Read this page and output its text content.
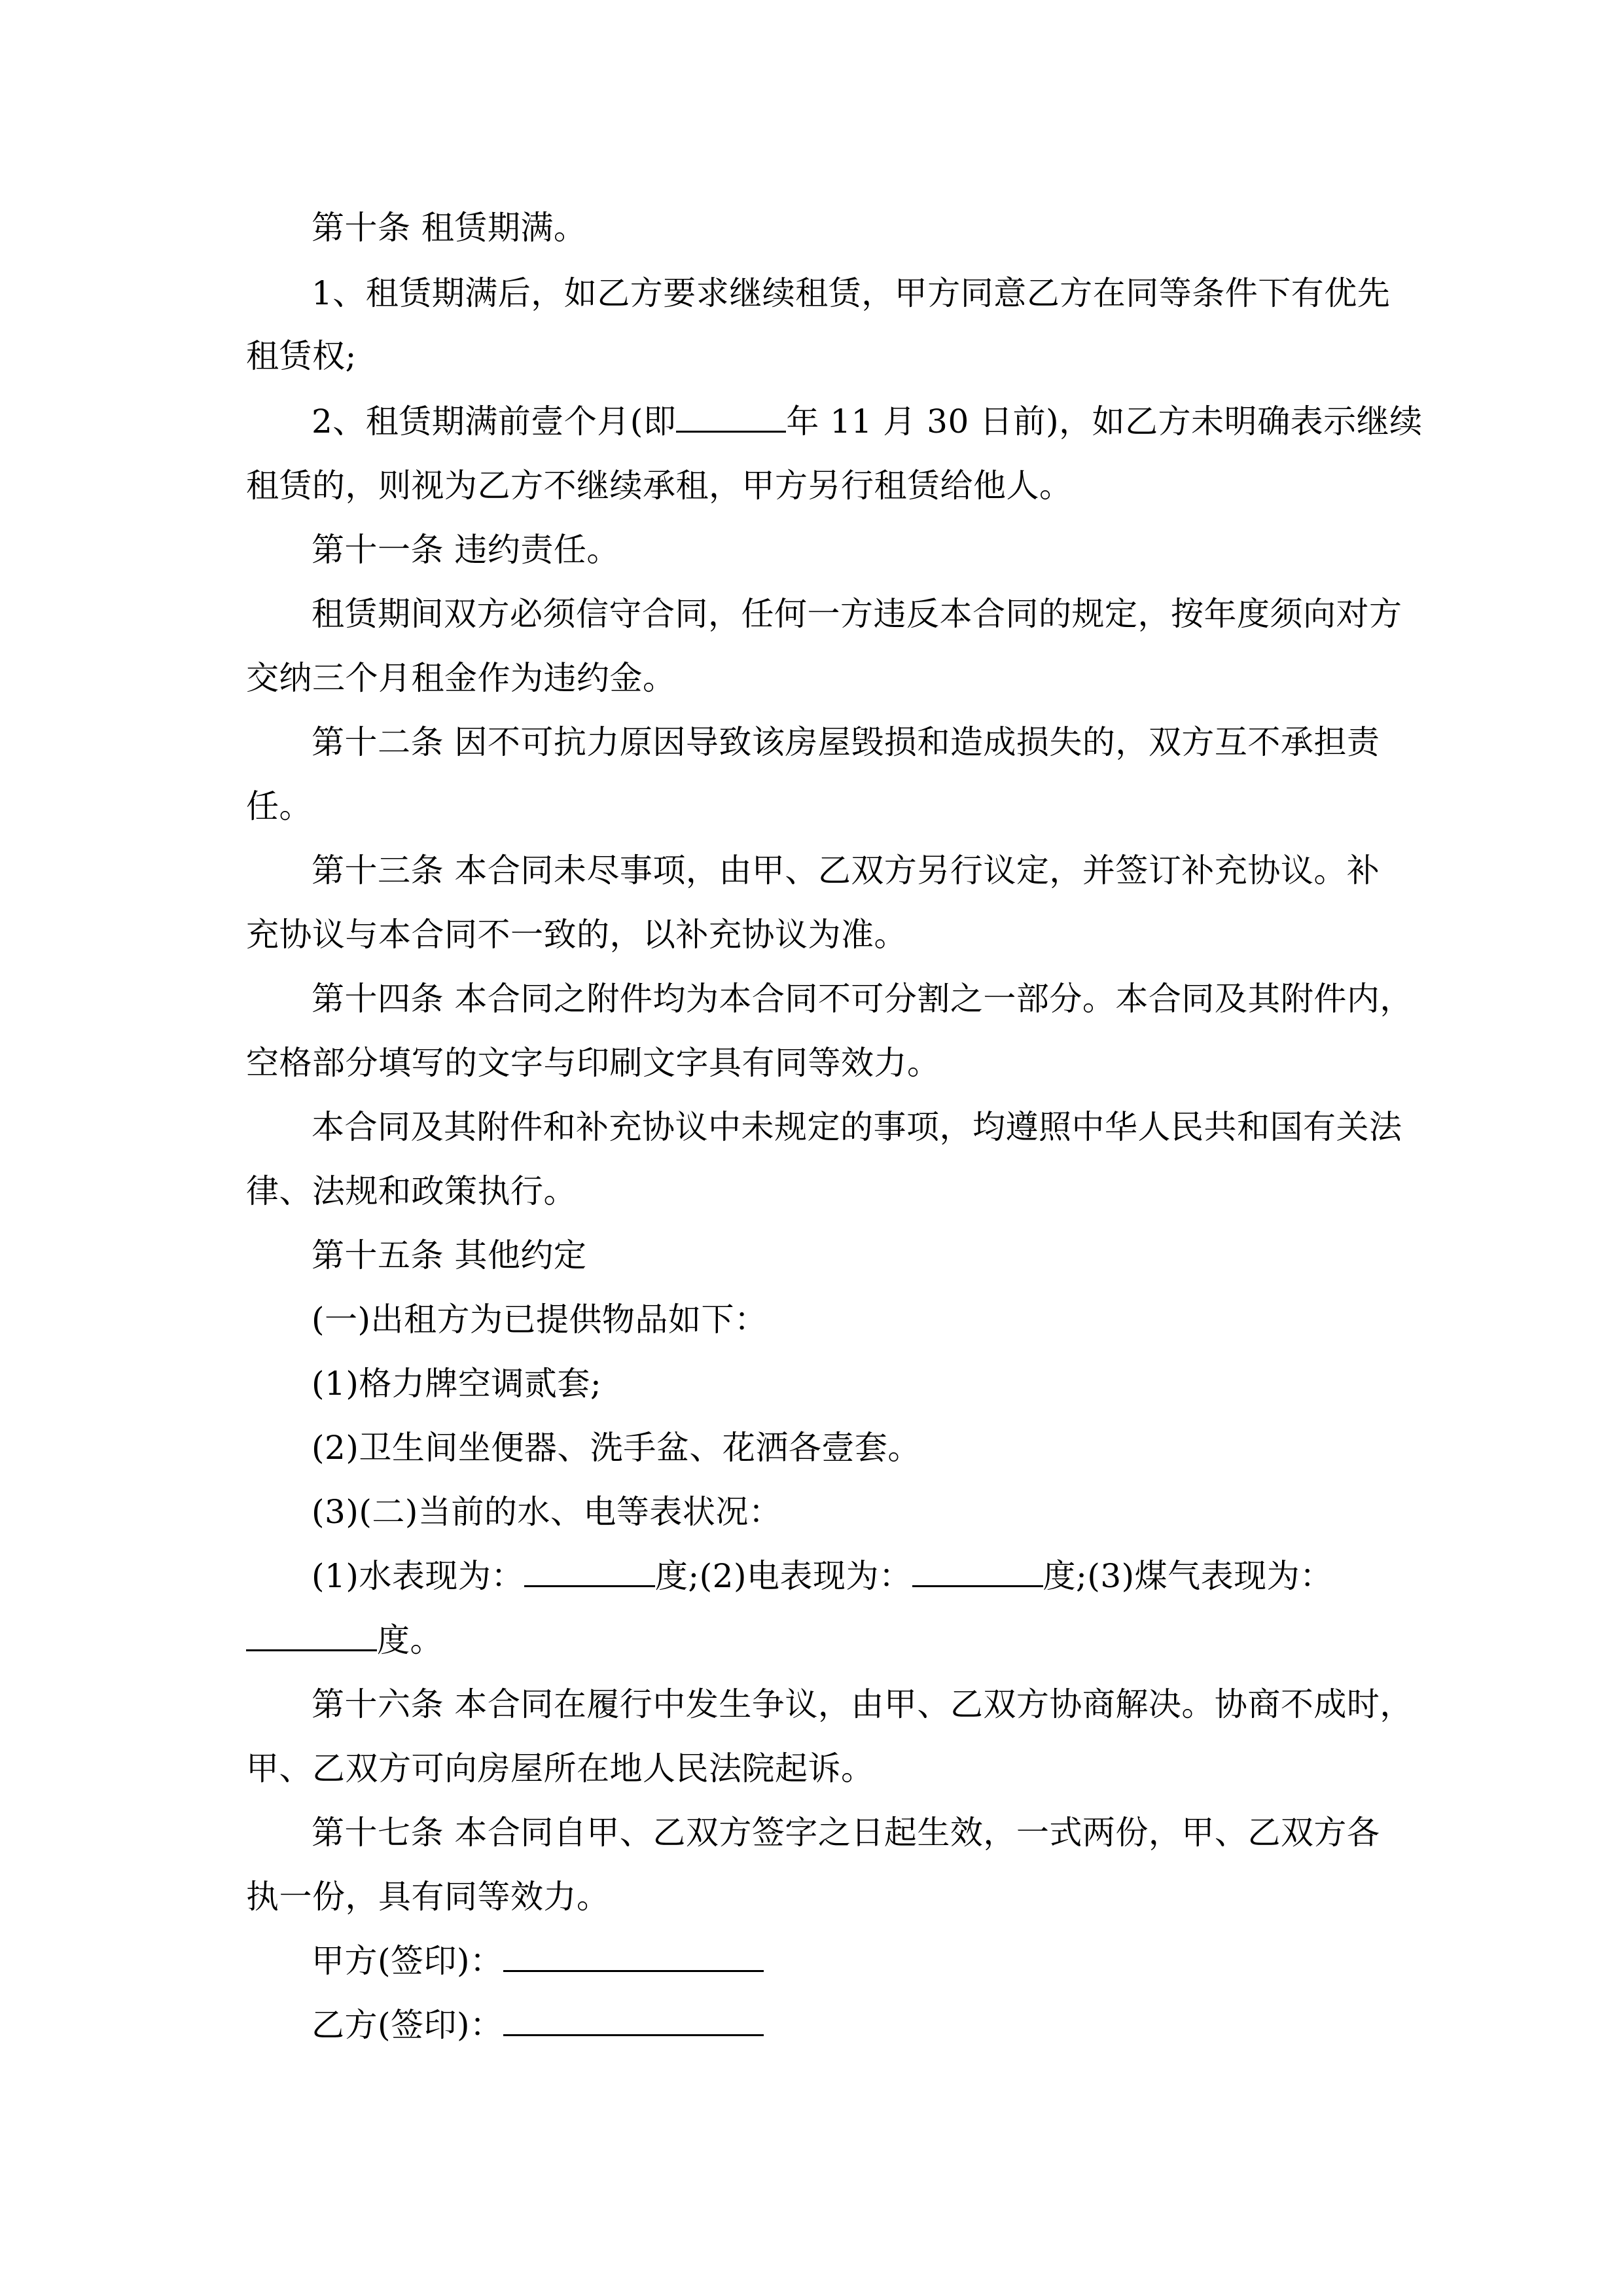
第十条 租赁期满。
1、租赁期满后，如乙方要求继续租赁，甲方同意乙方在同等条件下有优先
租赁权;
2、租赁期满前壹个月(即	年 11 月 30 日前)，如乙方未明确表示继续
租赁的，则视为乙方不继续承租，甲方另行租赁给他人。
第十一条 违约责任。
租赁期间双方必须信守合同，任何一方违反本合同的规定，按年度须向对方
交纳三个月租金作为违约金。
第十二条 因不可抗力原因导致该房屋毁损和造成损失的，双方互不承担责
任。
第十三条 本合同未尽事项，由甲、乙双方另行议定，并签订补充协议。补
充协议与本合同不一致的，以补充协议为准。
第十四条 本合同之附件均为本合同不可分割之一部分。本合同及其附件内，
空格部分填写的文字与印刷文字具有同等效力。
本合同及其附件和补充协议中未规定的事项，均遵照中华人民共和国有关法
律、法规和政策执行。
第十五条 其他约定
(一)出租方为已提供物品如下：
(1)格力牌空调贰套;
(2)卫生间坐便器、洗手盆、花洒各壹套。
(3)(二)当前的水、电等表状况：
(1)水表现为：	度;(2)电表现为：	度;(3)煤气表现为：
度。
第十六条 本合同在履行中发生争议，由甲、乙双方协商解决。协商不成时，
甲、乙双方可向房屋所在地人民法院起诉。
第十七条 本合同自甲、乙双方签字之日起生效，一式两份，甲、乙双方各
执一份，具有同等效力。
甲方(签印)：
乙方(签印)：
